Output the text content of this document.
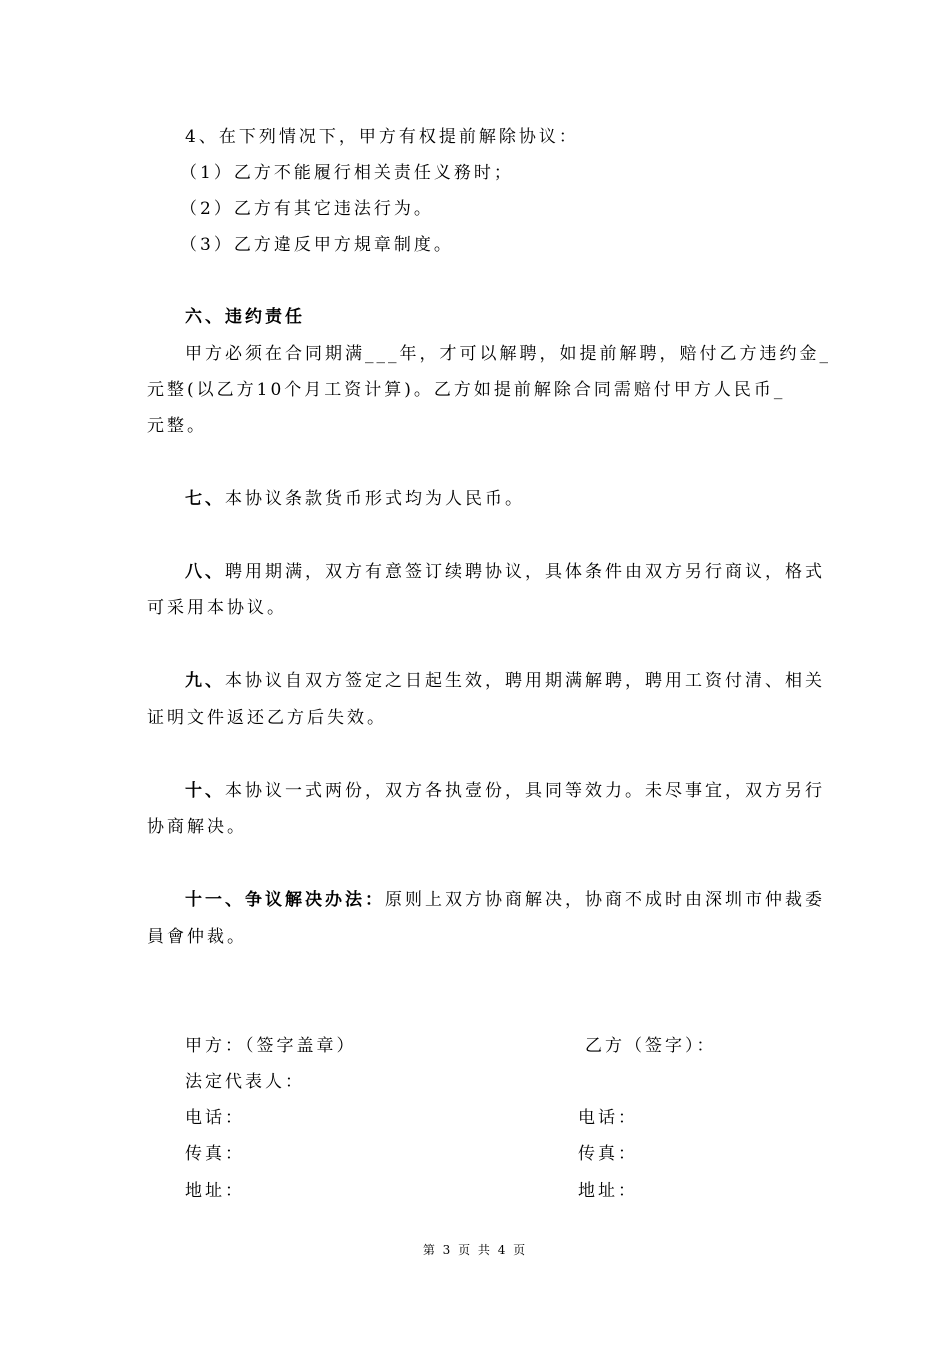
4、在下列情况下，甲方有权提前解除协议：
（1）乙方不能履行相关责任义務时；
（2）乙方有其它违法行为。
（3）乙方違反甲方規章制度。
六、违约责任
甲方必须在合同期满___年，才可以解聘，如提前解聘，赔付乙方违约金_
元整(以乙方10个月工资计算)。乙方如提前解除合同需赔付甲方人民币_
元整。
七、本协议条款货币形式均为人民币。
八、聘用期满，双方有意签订续聘协议，具体条件由双方另行商议，格式
可采用本协议。
九、本协议自双方签定之日起生效，聘用期满解聘，聘用工资付清、相关
证明文件返还乙方后失效。
十、本协议一式两份，双方各执壹份，具同等效力。未尽事宜，双方另行
协商解决。
十一、争议解决办法：原则上双方协商解决，协商不成时由深圳市仲裁委
員會仲裁。
甲方：（签字盖章）	乙方（签字）：
法定代表人：
电话：	电话：
传真：	传真：
地址：	地址：
第 3 页 共 4 页
